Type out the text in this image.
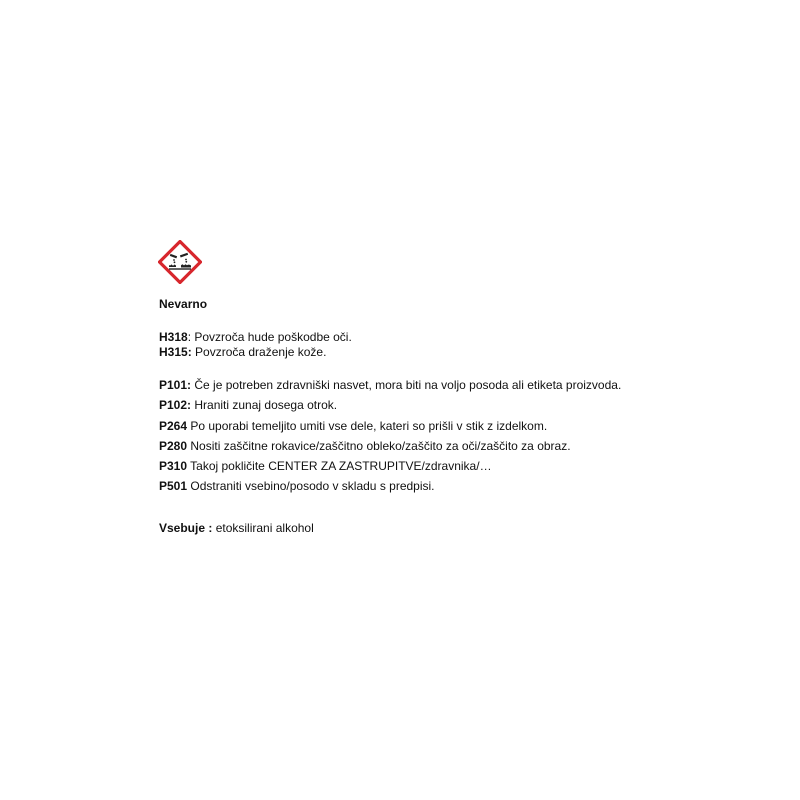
Nevarno
H318: Povzroča hude poškodbe oči.
H315: Povzroča draženje kože.
P101: Če je potreben zdravniški nasvet, mora biti na voljo posoda ali etiketa proizvoda.
P102: Hraniti zunaj dosega otrok.
P264 Po uporabi temeljito umiti vse dele, kateri so prišli v stik z izdelkom.
P280 Nositi zaščitne rokavice/zaščitno obleko/zaščito za oči/zaščito za obraz.
P310 Takoj pokličite CENTER ZA ZASTRUPITVE/zdravnika/…
P501 Odstraniti vsebino/posodo v skladu s predpisi.
Vsebuje : etoksilirani alkohol
